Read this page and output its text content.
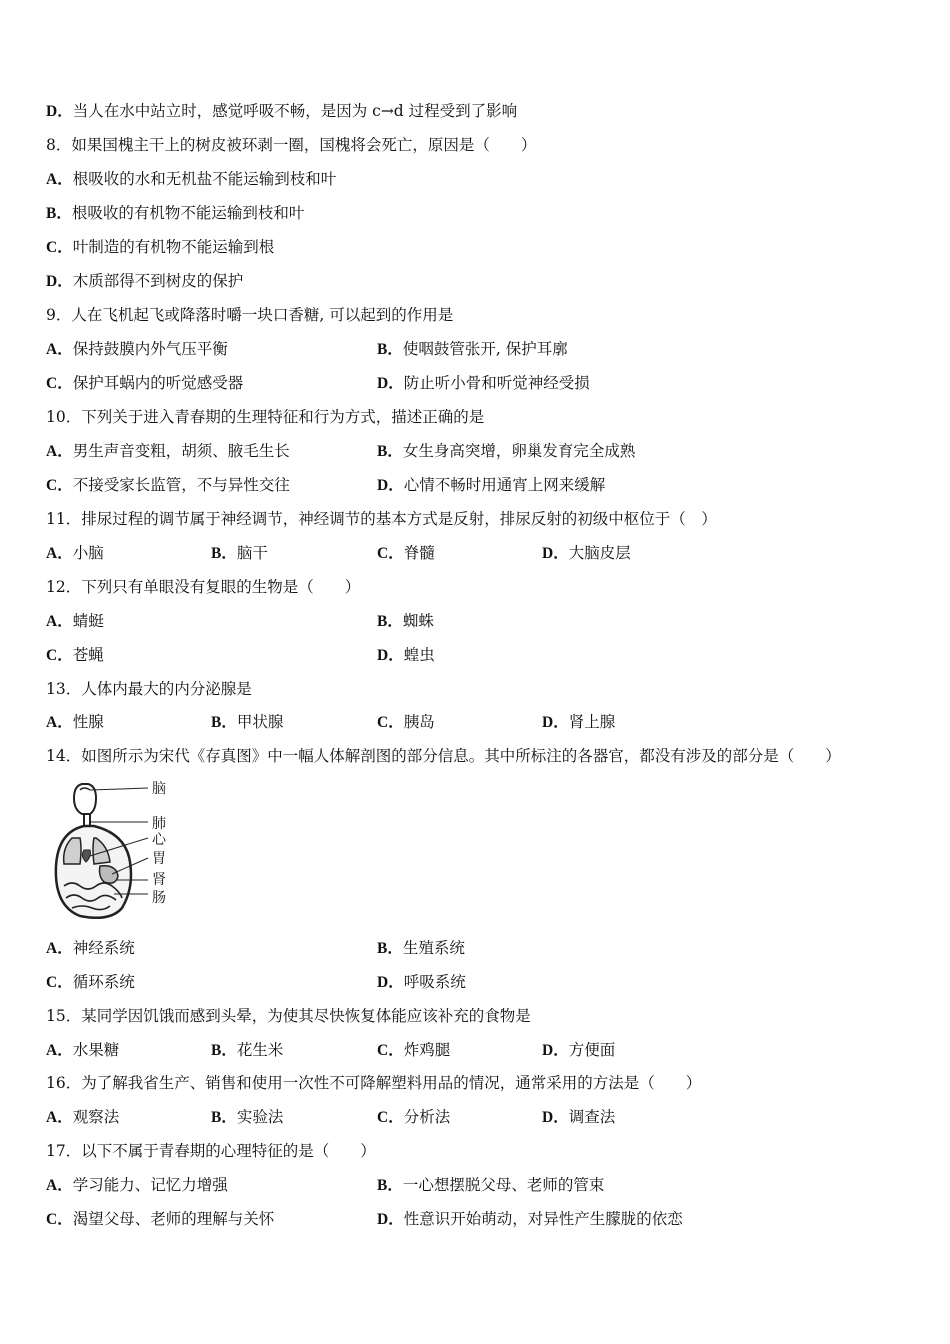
D．当人在水中站立时，感觉呼吸不畅，是因为 c→d 过程受到了影响
8．如果国槐主干上的树皮被环剥一圈，国槐将会死亡，原因是（　　）
A．根吸收的水和无机盐不能运输到枝和叶
B．根吸收的有机物不能运输到枝和叶
C．叶制造的有机物不能运输到根
D．木质部得不到树皮的保护
9．人在飞机起飞或降落时嚼一块口香糖, 可以起到的作用是
A．保持鼓膜内外气压平衡	B．使咽鼓管张开, 保护耳廓
C．保护耳蜗内的听觉感受器	D．防止听小骨和听觉神经受损
10．下列关于进入青春期的生理特征和行为方式，描述正确的是
A．男生声音变粗，胡须、腋毛生长	B．女生身高突增，卵巢发育完全成熟
C．不接受家长监管，不与异性交往	D．心情不畅时用通宵上网来缓解
11．排尿过程的调节属于神经调节，神经调节的基本方式是反射，排尿反射的初级中枢位于（　）
A．小脑	B．脑干	C．脊髓	D．大脑皮层
12．下列只有单眼没有复眼的生物是（　　）
A．蜻蜓	B．蜘蛛
C．苍蝇	D．蝗虫
13．人体内最大的内分泌腺是
A．性腺	B．甲状腺	C．胰岛	D．肾上腺
14．如图所示为宋代《存真图》中一幅人体解剖图的部分信息。其中所标注的各器官，都没有涉及的部分是（　　）
脑
肺
心
胃
肾
肠
A．神经系统	B．生殖系统
C．循环系统	D．呼吸系统
15．某同学因饥饿而感到头晕，为使其尽快恢复体能应该补充的食物是
A．水果糖	B．花生米	C．炸鸡腿	D．方便面
16．为了解我省生产、销售和使用一次性不可降解塑料用品的情况，通常采用的方法是（　　）
A．观察法	B．实验法	C．分析法	D．调查法
17．以下不属于青春期的心理特征的是（　　）
A．学习能力、记忆力增强	B．一心想摆脱父母、老师的管束
C．渴望父母、老师的理解与关怀	D．性意识开始萌动，对异性产生朦胧的依恋
